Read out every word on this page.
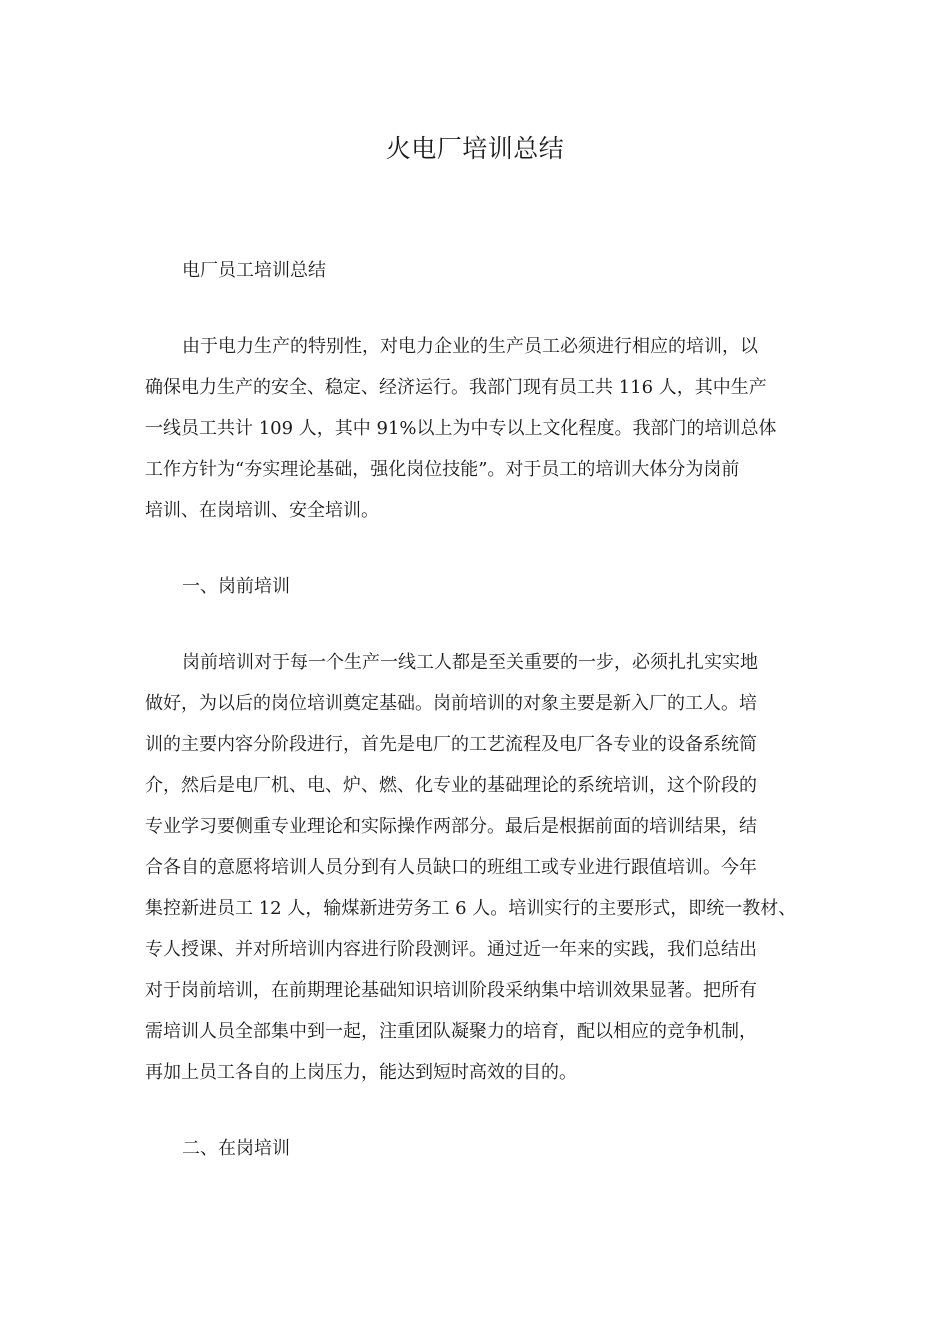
火电厂培训总结
电厂员工培训总结
由于电力生产的特别性，对电力企业的生产员工必须进行相应的培训，以
确保电力生产的安全、稳定、经济运行。我部门现有员工共 116 人，其中生产
一线员工共计 109 人，其中 91%以上为中专以上文化程度。我部门的培训总体
工作方针为“夯实理论基础，强化岗位技能”。对于员工的培训大体分为岗前
培训、在岗培训、安全培训。
一、岗前培训
岗前培训对于每一个生产一线工人都是至关重要的一步，必须扎扎实实地
做好，为以后的岗位培训奠定基础。岗前培训的对象主要是新入厂的工人。培
训的主要内容分阶段进行，首先是电厂的工艺流程及电厂各专业的设备系统简
介，然后是电厂机、电、炉、燃、化专业的基础理论的系统培训，这个阶段的
专业学习要侧重专业理论和实际操作两部分。最后是根据前面的培训结果，结
合各自的意愿将培训人员分到有人员缺口的班组工或专业进行跟值培训。今年
集控新进员工 12 人，输煤新进劳务工 6 人。培训实行的主要形式，即统一教材、
专人授课、并对所培训内容进行阶段测评。通过近一年来的实践，我们总结出
对于岗前培训，在前期理论基础知识培训阶段采纳集中培训效果显著。把所有
需培训人员全部集中到一起，注重团队凝聚力的培育，配以相应的竞争机制，
再加上员工各自的上岗压力，能达到短时高效的目的。
二、在岗培训
